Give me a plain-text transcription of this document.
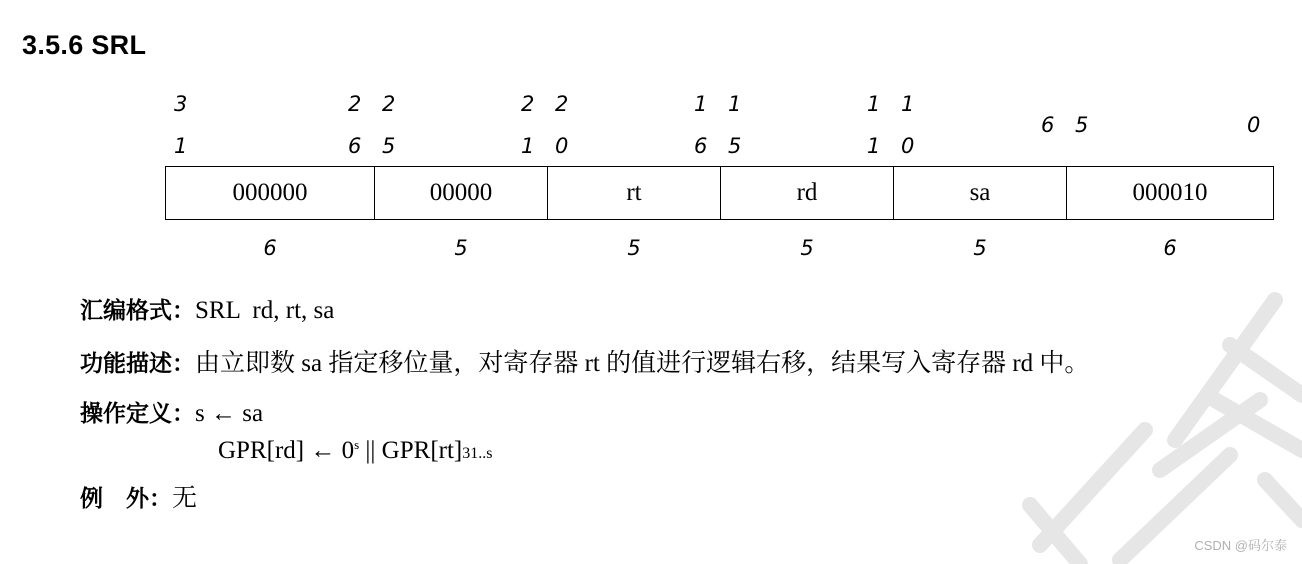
3.5.6 SRL
3	2 2	2 2	1 1	1 1
1	6 5	1 0	6 5	1 0
6 5	0
000000	00000	rt	rd	sa	000010
6	5	5	5	5	6
汇编格式：SRL  rd, rt, sa
功能描述：由立即数 sa 指定移位量，对寄存器 rt 的值进行逻辑右移，结果写入寄存器 rd 中。
操作定义：s ← sa
GPR[rd] ← 0$^s$ || GPR[rt]31..s
例　外：无
CSDN @码尔泰
